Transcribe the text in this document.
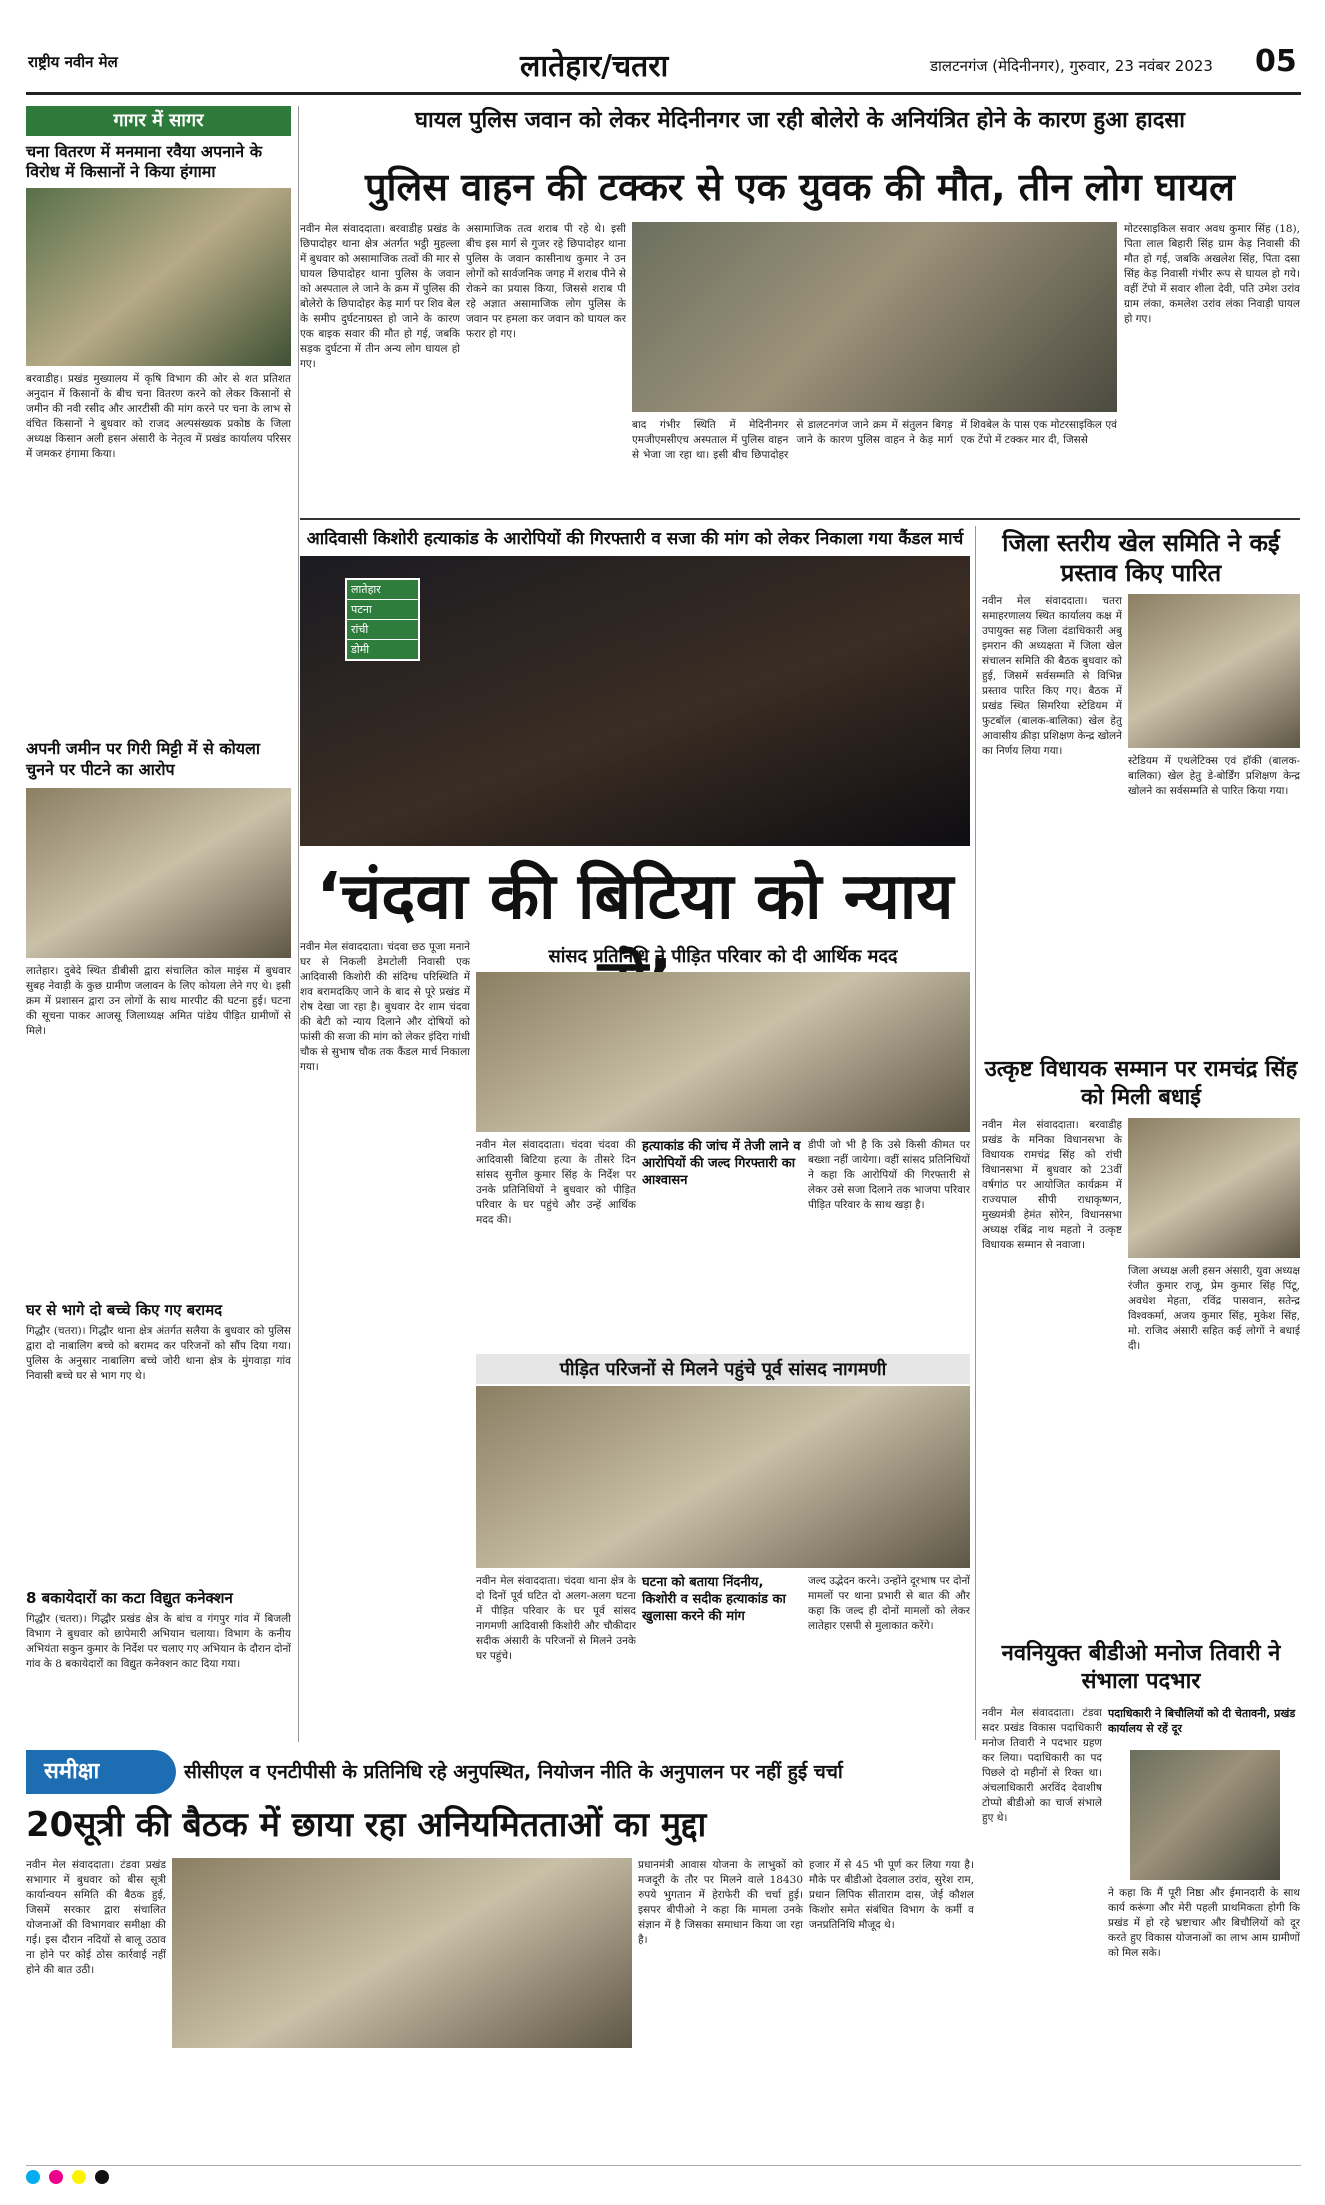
राष्ट्रीय नवीन मेल	लातेहार/चतरा	डालटनगंज (मेदिनीनगर), गुरुवार, 23 नवंबर 2023 05
गागर में सागर
चना वितरण में मनमाना रवैया अपनाने के विरोध में किसानों ने किया हंगामा
बरवाडीह। प्रखंड मुख्यालय में कृषि विभाग की ओर से शत प्रतिशत अनुदान में किसानों के बीच चना वितरण करने को लेकर किसानों से जमीन की नवी रसीद और आरटीसी की मांग करने पर चना के लाभ से वंचित किसानों ने बुधवार को राजद अल्पसंख्यक प्रकोष्ठ के जिला अध्यक्ष किसान अली हसन अंसारी के नेतृत्व में प्रखंड कार्यालय परिसर में जमकर हंगामा किया।
अपनी जमीन पर गिरी मिट्टी में से कोयला चुनने पर पीटने का आरोप
लातेहार। दुबेदे स्थित डीबीसी द्वारा संचालित कोल माइंस में बुधवार सुबह नेवाड़ी के कुछ ग्रामीण जलावन के लिए कोयला लेने गए थे। इसी क्रम में प्रशासन द्वारा उन लोगों के साथ मारपीट की घटना हुई। घटना की सूचना पाकर आजसू जिलाध्यक्ष अमित पांडेय पीड़ित ग्रामीणों से मिले।
घर से भागे दो बच्चे किए गए बरामद
गिद्धौर (चतरा)। गिद्धौर थाना क्षेत्र अंतर्गत सलैया के बुधवार को पुलिस द्वारा दो नाबालिग बच्चे को बरामद कर परिजनों को सौंप दिया गया। पुलिस के अनुसार नाबालिग बच्चे जोरी थाना क्षेत्र के मुंगवाड़ा गांव निवासी बच्चे घर से भाग गए थे।
8 बकायेदारों का कटा विद्युत कनेक्शन
गिद्धौर (चतरा)। गिद्धौर प्रखंड क्षेत्र के बांच व गंगपुर गांव में बिजली विभाग ने बुधवार को छापेमारी अभियान चलाया। विभाग के कनीय अभियंता सकुन कुमार के निर्देश पर चलाए गए अभियान के दौरान दोनों गांव के 8 बकायेदारों का विद्युत कनेक्शन काट दिया गया।
घायल पुलिस जवान को लेकर मेदिनीनगर जा रही बोलेरो के अनियंत्रित होने के कारण हुआ हादसा
पुलिस वाहन की टक्कर से एक युवक की मौत, तीन लोग घायल
नवीन मेल संवाददाता। बरवाडीह प्रखंड के छिपादोहर थाना क्षेत्र अंतर्गत भट्ठी मुहल्ला में बुधवार को असामाजिक तत्वों की मार से घायल छिपादोहर थाना पुलिस के जवान को अस्पताल ले जाने के क्रम में पुलिस की बोलेरो के छिपादोहर केड़ मार्ग पर शिव बेल के समीप दुर्घटनाग्रस्त हो जाने के कारण एक बाइक सवार की मौत हो गई, जबकि सड़क दुर्घटना में तीन अन्य लोग घायल हो गए।
असामाजिक तत्व शराब पी रहे थे। इसी बीच इस मार्ग से गुजर रहे छिपादोहर थाना पुलिस के जवान कासीनाथ कुमार ने उन लोगों को सार्वजनिक जगह में शराब पीने से रोकने का प्रयास किया, जिससे शराब पी रहे अज्ञात असामाजिक लोग पुलिस के जवान पर हमला कर जवान को घायल कर फरार हो गए।
बाद गंभीर स्थिति में मेदिनीनगर एमजीएमसीएच अस्पताल में पुलिस वाहन से भेजा जा रहा था। इसी बीच छिपादोहर से डालटनगंज जाने क्रम में संतुलन बिगड़ जाने के कारण पुलिस वाहन ने केड़ मार्ग में शिवबेल के पास एक मोटरसाइकिल एवं एक टेंपो में टक्कर मार दी, जिससे
मोटरसाइकिल सवार अवध कुमार सिंह (18), पिता लाल बिहारी सिंह ग्राम केड़ निवासी की मौत हो गई, जबकि अखलेश सिंह, पिता दसा सिंह केड़ निवासी गंभीर रूप से घायल हो गये। वहीं टेंपो में सवार शीला देवी, पति उमेश उरांव ग्राम लंका, कमलेश उरांव लंका निवाड़ी घायल हो गए।
आदिवासी किशोरी हत्याकांड के आरोपियों की गिरफ्तारी व सजा की मांग को लेकर निकाला गया कैंडल मार्च
लातेहार
पटना
रांची
डोमी
‘चंदवा की बिटिया को न्याय
नवीन मेल संवाददाता। चंदवा छठ पूजा मनाने घर से निकली डेमटोली निवासी एक आदिवासी किशोरी की संदिग्ध परिस्थिति में शव बरामदकिए जाने के बाद से पूरे प्रखंड में रोष देखा जा रहा है। बुधवार देर शाम चंदवा की बेटी को न्याय दिलाने और दोषियों को फांसी की सजा की मांग को लेकर इंदिरा गांधी चौक से सुभाष चौक तक कैंडल मार्च निकाला गया।
सांसद प्रतिनिधि ने पीड़ित परिवार को दी आर्थिक मदद
नवीन मेल संवाददाता। चंदवा चंदवा की आदिवासी बिटिया हत्या के तीसरे दिन सांसद सुनील कुमार सिंह के निर्देश पर उनके प्रतिनिधियों ने बुधवार को पीड़ित परिवार के घर पहुंचे और उन्हें आर्थिक मदद की।
हत्याकांड की जांच में तेजी लाने व आरोपियों की जल्द गिरफ्तारी का आश्वासन
डीपी जो भी है कि उसे किसी कीमत पर बख्शा नहीं जायेगा। वहीं सांसद प्रतिनिधियों ने कहा कि आरोपियों की गिरफ्तारी से लेकर उसे सजा दिलाने तक भाजपा परिवार पीड़ित परिवार के साथ खड़ा है।
पीड़ित परिजनों से मिलने पहुंचे पूर्व सांसद नागमणी
नवीन मेल संवाददाता। चंदवा थाना क्षेत्र के दो दिनों पूर्व घटित दो अलग-अलग घटना में पीड़ित परिवार के घर पूर्व सांसद नागमणी आदिवासी किशोरी और चौकीदार सदीक अंसारी के परिजनों से मिलने उनके घर पहुंचे।
घटना को बताया निंदनीय, किशोरी व सदीक हत्याकांड का खुलासा करने की मांग
जल्द उद्भेदन करने। उन्होंने दूरभाष पर दोनों मामलों पर थाना प्रभारी से बात की और कहा कि जल्द ही दोनों मामलों को लेकर लातेहार एसपी से मुलाकात करेंगे।
जिला स्तरीय खेल समिति ने कई प्रस्ताव किए पारित
नवीन मेल संवाददाता। चतरा समाहरणालय स्थित कार्यालय कक्ष में उपायुक्त सह जिला दंडाधिकारी अबु इमरान की अध्यक्षता में जिला खेल संचालन समिति की बैठक बुधवार को हुई, जिसमें सर्वसम्मति से विभिन्न प्रस्ताव पारित किए गए। बैठक में प्रखंड स्थित सिमरिया स्टेडियम में फुटबॉल (बालक-बालिका) खेल हेतु आवासीय क्रीड़ा प्रशिक्षण केन्द्र खोलने का निर्णय लिया गया।
स्टेडियम में एथलेटिक्स एवं हॉकी (बालक-बालिका) खेल हेतु डे-बोर्डिंग प्रशिक्षण केन्द्र खोलने का सर्वसम्मति से पारित किया गया।
उत्कृष्ट विधायक सम्मान पर रामचंद्र सिंह को मिली बधाई
नवीन मेल संवाददाता। बरवाडीह प्रखंड के मनिका विधानसभा के विधायक रामचंद्र सिंह को रांची विधानसभा में बुधवार को 23वीं वर्षगांठ पर आयोजित कार्यक्रम में राज्यपाल सीपी राधाकृष्णन, मुख्यमंत्री हेमंत सोरेन, विधानसभा अध्यक्ष रबिंद्र नाथ महतो ने उत्कृष्ट विधायक सम्मान से नवाजा।
जिला अध्यक्ष अली हसन अंसारी, युवा अध्यक्ष रंजीत कुमार राजू, प्रेम कुमार सिंह पिंटू, अवधेश मेहता, रविंद्र पासवान, सतेन्द्र विश्वकर्मा, अजय कुमार सिंह, मुकेश सिंह, मो. राजिद अंसारी सहित कई लोगों ने बधाई दी।
नवनियुक्त बीडीओ मनोज तिवारी ने संभाला पदभार
नवीन मेल संवाददाता। टंडवा सदर प्रखंड विकास पदाधिकारी मनोज तिवारी ने पदभार ग्रहण कर लिया। पदाधिकारी का पद पिछले दो महीनों से रिक्त था। अंचलाधिकारी अरविंद देवाशीष टोप्पो बीडीओ का चार्ज संभाले हुए थे।
पदाधिकारी ने बिचौलियों को दी चेतावनी, प्रखंड कार्यालय से रहें दूर
ने कहा कि मैं पूरी निष्ठा और ईमानदारी के साथ कार्य करूंगा और मेरी पहली प्राथमिकता होगी कि प्रखंड में हो रहे भ्रष्टाचार और बिचौलियों को दूर करते हुए विकास योजनाओं का लाभ आम ग्रामीणों को मिल सके।
समीक्षा	सीसीएल व एनटीपीसी के प्रतिनिधि रहे अनुपस्थित, नियोजन नीति के अनुपालन पर नहीं हुई चर्चा
20सूत्री की बैठक में छाया रहा अनियमितताओं का मुद्दा
नवीन मेल संवाददाता। टंडवा प्रखंड सभागार में बुधवार को बीस सूत्री कार्यान्वयन समिति की बैठक हुई, जिसमें सरकार द्वारा संचालित योजनाओं की विभागवार समीक्षा की गई। इस दौरान नदियों से बालू उठाव ना होने पर कोई ठोस कार्रवाई नहीं होने की बात उठी।
प्रधानमंत्री आवास योजना के लाभुकों को मजदूरी के तौर पर मिलने वाले 18430 रुपये भुगतान में हेराफेरी की चर्चा हुई। इसपर बीपीओ ने कहा कि मामला उनके संज्ञान में है जिसका समाधान किया जा रहा है।
हजार में से 45 भी पूर्ण कर लिया गया है। मौके पर बीडीओ देवलाल उरांव, सुरेश राम, प्रधान लिपिक सीताराम दास, जेई कौशल किशोर समेत संबंधित विभाग के कर्मी व जनप्रतिनिधि मौजूद थे।
